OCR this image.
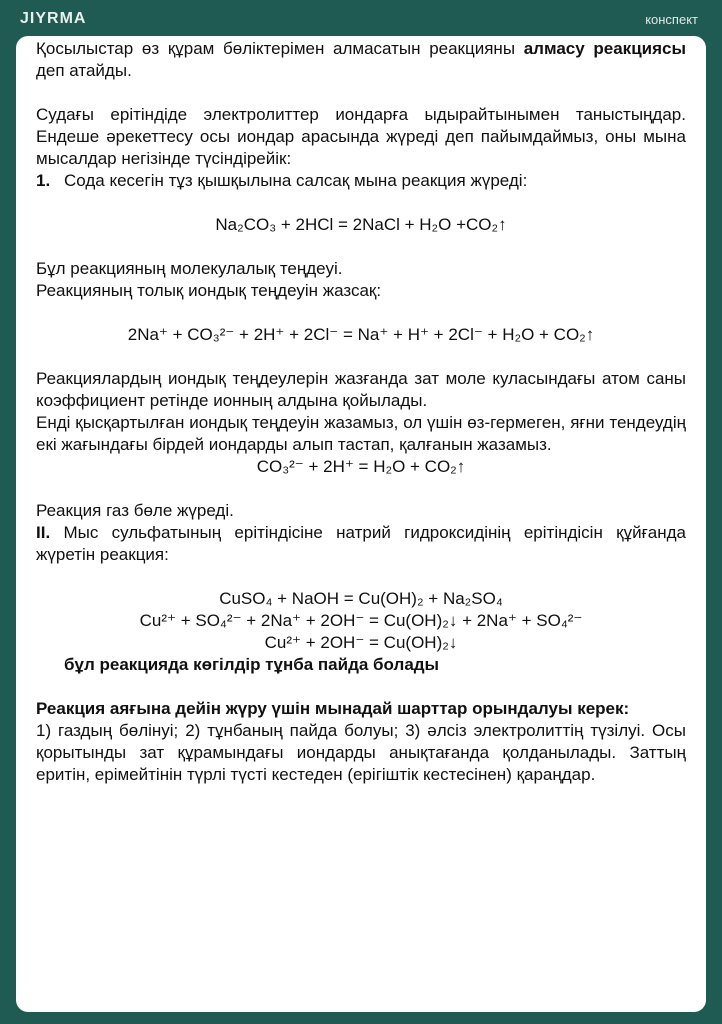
JIYRMA	конспект

Қосылыстар өз құрам бөліктерімен алмасатын реакцияны алмасу реакциясы деп атайды.

Судағы ерітіндіде электролиттер иондарға ыдырайтынымен таныстыңдар. Ендеше әрекеттесу осы иондар арасында жүреді деп пайымдаймыз, оны мына мысалдар негізінде түсіндірейік:

1. Сода кесегін тұз қышқылына салсақ мына реакция жүреді:

Na₂CO₃ + 2HCl = 2NaCl + H₂O +CO₂↑

Бұл реакцияның молекулалық теңдеуі.

Реакцияның толық иондық теңдеуін жазсақ:

2Na⁺ + CO₃²⁻ + 2H⁺ + 2Cl⁻ = Na⁺ + H⁺ + 2Cl⁻ + H₂O + CO₂↑

Реакциялардың иондық теңдеулерін жазғанда зат моле куласындағы атом саны коэффициент ретінде ионның алдына қойылады.

Енді қысқартылған иондық теңдеуін жазамыз, ол үшін өз-гермеген, яғни тендеудің екі жағындағы бірдей иондарды алып тастап, қалғанын жазамыз.

CO₃²⁻ + 2H⁺ = H₂O + CO₂↑

Реакция газ бөле жүреді.

II. Мыс сульфатының ерітіндісіне натрий гидроксидінің ерітіндісін құйғанда жүретін реакция:

CuSO₄ + NaOH = Cu(OH)₂ + Na₂SO₄

Cu²⁺ + SO₄²⁻ + 2Na⁺ + 2OH⁻ = Cu(OH)₂↓ + 2Na⁺ + SO₄²⁻

Cu²⁺ + 2OH⁻ = Cu(OH)₂↓

бұл реакцияда көгілдір тұнба пайда болады

Реакция аяғына дейін жүру үшін мынадай шарттар орындалуы керек:

1) газдың бөлінуі; 2) тұнбаның пайда болуы; 3) әлсіз электролиттің түзілуі. Осы қорытынды зат құрамындағы иондарды анықтағанда қолданылады. Заттың еритін, ерімейтінін түрлі түсті кестеден (ерігіштік кестесінен) қараңдар.
